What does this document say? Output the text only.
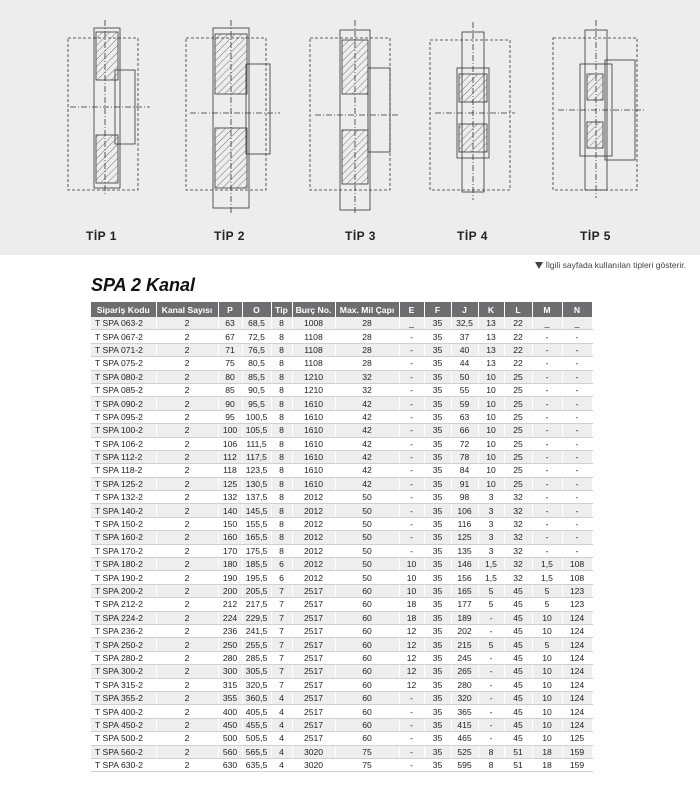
TİP 1	TİP 2	TİP 3	TİP 4	TİP 5
İlgili sayfada kullanılan tipleri gösterir.
SPA 2 Kanal
Sipariş Kodu	Kanal Sayısı	P	O	Tip	Burç No.	Max. Mil Çapı	E	F	J	K	L	M	N
T SPA 063-2	2	63	68,5	8	1008	28	_	35	32,5	13	22	_	_
T SPA 067-2	2	67	72,5	8	1108	28	-	35	37	13	22	-	-
T SPA 071-2	2	71	76,5	8	1108	28	-	35	40	13	22	-	-
T SPA 075-2	2	75	80,5	8	1108	28	-	35	44	13	22	-	-
T SPA 080-2	2	80	85,5	8	1210	32	-	35	50	10	25	-	-
T SPA 085-2	2	85	90,5	8	1210	32	-	35	55	10	25	-	-
T SPA 090-2	2	90	95,5	8	1610	42	-	35	59	10	25	-	-
T SPA 095-2	2	95	100,5	8	1610	42	-	35	63	10	25	-	-
T SPA 100-2	2	100	105,5	8	1610	42	-	35	66	10	25	-	-
T SPA 106-2	2	106	111,5	8	1610	42	-	35	72	10	25	-	-
T SPA 112-2	2	112	117,5	8	1610	42	-	35	78	10	25	-	-
T SPA 118-2	2	118	123,5	8	1610	42	-	35	84	10	25	-	-
T SPA 125-2	2	125	130,5	8	1610	42	-	35	91	10	25	-	-
T SPA 132-2	2	132	137,5	8	2012	50	-	35	98	3	32	-	-
T SPA 140-2	2	140	145,5	8	2012	50	-	35	106	3	32	-	-
T SPA 150-2	2	150	155,5	8	2012	50	-	35	116	3	32	-	-
T SPA 160-2	2	160	165,5	8	2012	50	-	35	125	3	32	-	-
T SPA 170-2	2	170	175,5	8	2012	50	-	35	135	3	32	-	-
T SPA 180-2	2	180	185,5	6	2012	50	10	35	146	1,5	32	1,5	108
T SPA 190-2	2	190	195,5	6	2012	50	10	35	156	1,5	32	1,5	108
T SPA 200-2	2	200	205,5	7	2517	60	10	35	165	5	45	5	123
T SPA 212-2	2	212	217,5	7	2517	60	18	35	177	5	45	5	123
T SPA 224-2	2	224	229,5	7	2517	60	18	35	189	-	45	10	124
T SPA 236-2	2	236	241,5	7	2517	60	12	35	202	-	45	10	124
T SPA 250-2	2	250	255,5	7	2517	60	12	35	215	5	45	5	124
T SPA 280-2	2	280	285,5	7	2517	60	12	35	245	-	45	10	124
T SPA 300-2	2	300	305,5	7	2517	60	12	35	265	-	45	10	124
T SPA 315-2	2	315	320,5	7	2517	60	12	35	280	-	45	10	124
T SPA 355-2	2	355	360,5	4	2517	60	-	35	320	-	45	10	124
T SPA 400-2	2	400	405,5	4	2517	60	-	35	365	-	45	10	124
T SPA 450-2	2	450	455,5	4	2517	60	-	35	415	-	45	10	124
T SPA 500-2	2	500	505,5	4	2517	60	-	35	465	-	45	10	125
T SPA 560-2	2	560	565,5	4	3020	75	-	35	525	8	51	18	159
T SPA 630-2	2	630	635,5	4	3020	75	-	35	595	8	51	18	159
